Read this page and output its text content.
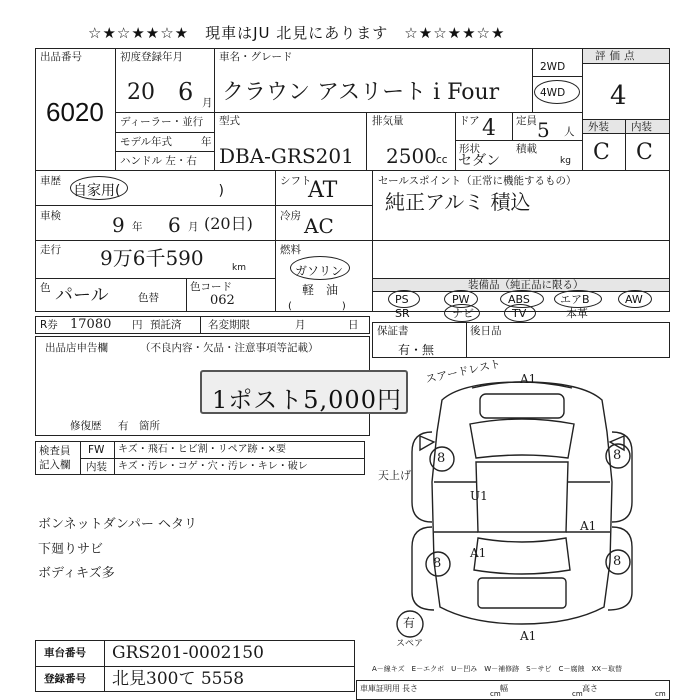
☆★☆★★☆★　現車はJU 北見にあります　☆★☆★★☆★
出品番号
6020
初度登録年月
20 6 月
車名・グレード
クラウン アスリート i Four
2WD
4WD
評価点
4
外装 内装
C C
ディーラー・並行
モデル年式	年
ハンドル 左・右
型式
DBA-GRS201
排気量
2500 cc
ドア 4 定員 5 人
形状
セダン
積載
kg
車歴
自家用(　　　　　　　)
シフト
AT	セールスポイント（正常に機能するもの）
純正アルミ 積込
車検	9 年 6 月 (20日)	冷房 AC
走行 9万6千590	km
燃料
ガソリン
軽　油
(　　　　　)
色 パール	色替
色コード
062
装備品（純正品に限る）
PS	PW	ABS	エアB	AW
SR	ナビ	TV	本革
R券 17080 円 預託済	名変期限	月	日 保証書
有・無
後日品
出品店申告欄	（不良内容・欠品・注意事項等記載）
1ポスト5,000円
修復歴 有　箇所
検査員
記入欄
FW キズ・飛石・ヒビ割・リペア跡・×要
内装 キズ・汚レ・コゲ・穴・汚レ・キレ・破レ
ボンネットダンパー ヘタリ
下廻りサビ
ボディキズ多
A1
スアードレスト
天上げ
A1
A1
A1
U1
8	8
8	8
有
スペア
車台番号 GRS201-0002150
登録番号 北見300て 5558	A－線キズ　E－エクボ　U－凹み　W－補修跡　S－サビ　C－腐蝕　XX－取替
車庫証明用 長さ
cm
幅
cm
高さ
cm
